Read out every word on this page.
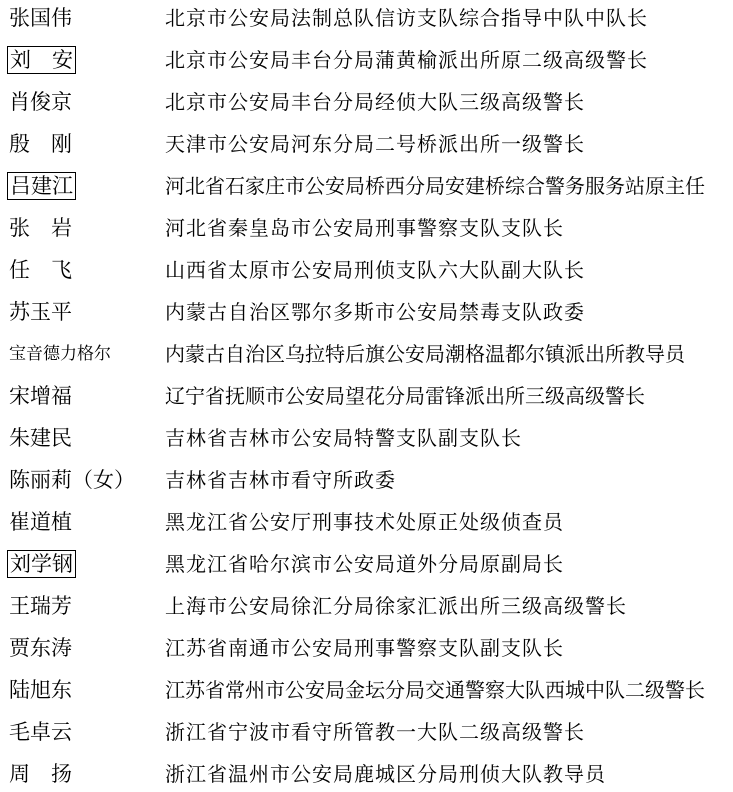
张国伟	北京市公安局法制总队信访支队综合指导中队中队长
刘　安	北京市公安局丰台分局蒲黄榆派出所原二级高级警长
肖俊京	北京市公安局丰台分局经侦大队三级高级警长
殷　刚	天津市公安局河东分局二号桥派出所一级警长
吕建江	河北省石家庄市公安局桥西分局安建桥综合警务服务站原主任
张　岩	河北省秦皇岛市公安局刑事警察支队支队长
任　飞	山西省太原市公安局刑侦支队六大队副大队长
苏玉平	内蒙古自治区鄂尔多斯市公安局禁毒支队政委
宝音德力格尔	内蒙古自治区乌拉特后旗公安局潮格温都尔镇派出所教导员
宋增福	辽宁省抚顺市公安局望花分局雷锋派出所三级高级警长
朱建民	吉林省吉林市公安局特警支队副支队长
陈丽莉（女） 吉林省吉林市看守所政委
崔道植	黑龙江省公安厅刑事技术处原正处级侦查员
刘学钢	黑龙江省哈尔滨市公安局道外分局原副局长
王瑞芳	上海市公安局徐汇分局徐家汇派出所三级高级警长
贾东涛	江苏省南通市公安局刑事警察支队副支队长
陆旭东	江苏省常州市公安局金坛分局交通警察大队西城中队二级警长
毛卓云	浙江省宁波市看守所管教一大队二级高级警长
周　扬	浙江省温州市公安局鹿城区分局刑侦大队教导员
